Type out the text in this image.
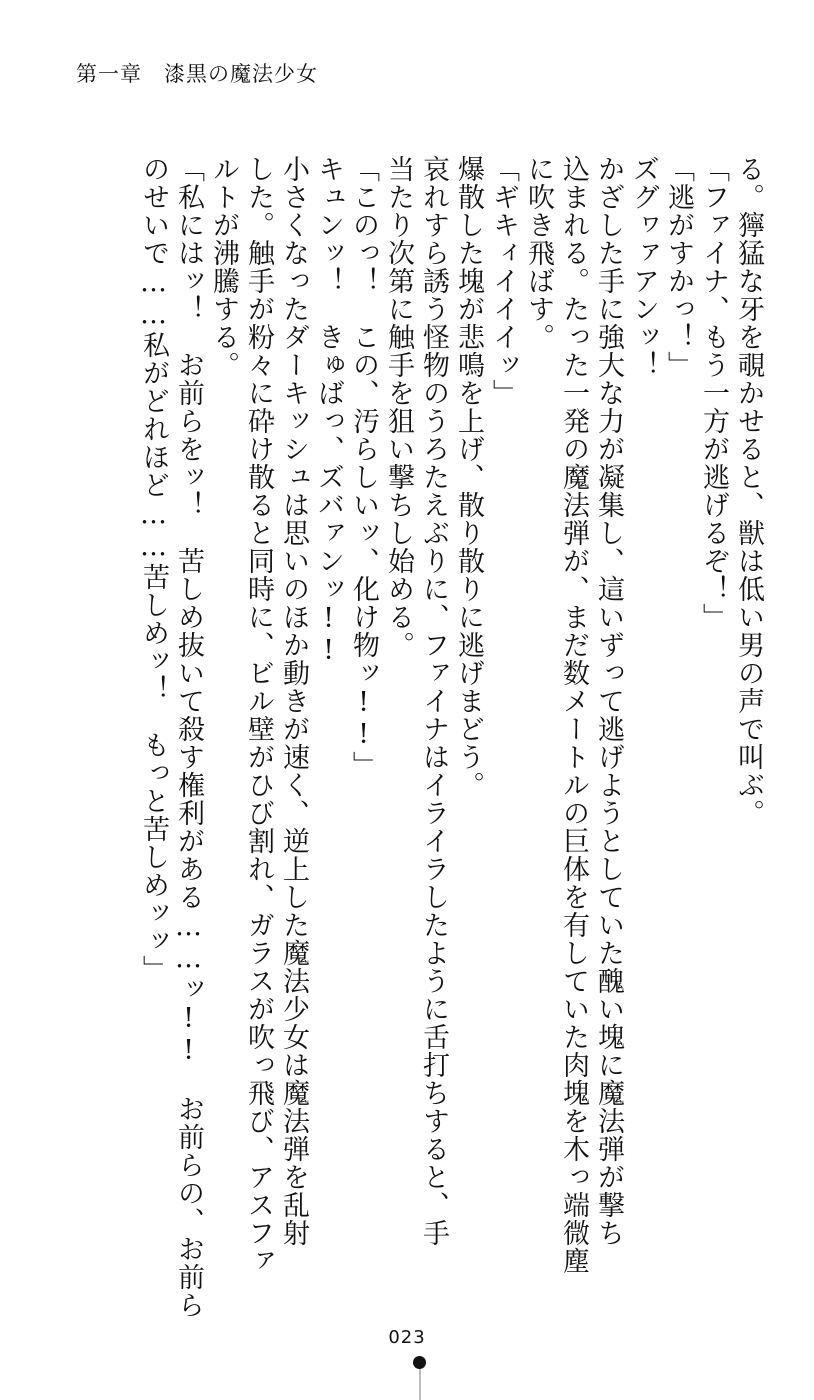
第一章　漆黒の魔法少女
る。獰猛な牙を覗かせると、獣は低い男の声で叫ぶ。
「ファイナ、もう一方が逃げるぞ！」
「逃がすかっ！」
ズグヮァアンッ！
かざした手に強大な力が凝集し、這いずって逃げようとしていた醜い塊に魔法弾が撃ち
込まれる。たった一発の魔法弾が、まだ数メートルの巨体を有していた肉塊を木っ端微塵
に吹き飛ばす。
「ギキィイイイッ」
爆散した塊が悲鳴を上げ、散り散りに逃げまどう。
哀れすら誘う怪物のうろたえぶりに、ファイナはイライラしたように舌打ちすると、手
当たり次第に触手を狙い撃ちし始める。
「このっ！　この、汚らしいッ、化け物ッ!!」
キュンッ！　きゅばっ、ズバァンッ!!
小さくなったダーキッシュは思いのほか動きが速く、逆上した魔法少女は魔法弾を乱射
した。触手が粉々に砕け散ると同時に、ビル壁がひび割れ、ガラスが吹っ飛び、アスファ
ルトが沸騰する。
「私にはッ！　お前らをッ！　苦しめ抜いて殺す権利がある……ッ!!　お前らの、お前ら
のせいで……私がどれほど……苦しめッ！　もっと苦しめッッ」
023
